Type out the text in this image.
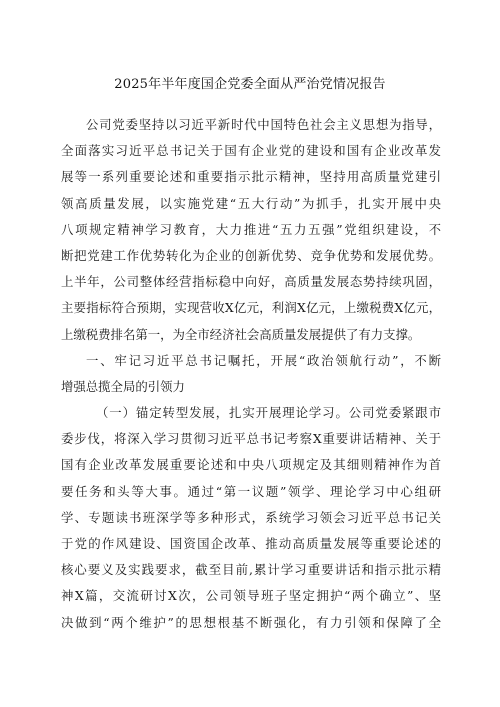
2025年半年度国企党委全面从严治党情况报告
公司党委坚持以习近平新时代中国特色社会主义思想为指导，
全面落实习近平总书记关于国有企业党的建设和国有企业改革发
展等一系列重要论述和重要指示批示精神，坚持用高质量党建引
领高质量发展，以实施党建“五大行动”为抓手，扎实开展中央
八项规定精神学习教育，大力推进“五力五强”党组织建设，不
断把党建工作优势转化为企业的创新优势、竞争优势和发展优势。
上半年，公司整体经营指标稳中向好，高质量发展态势持续巩固，
主要指标符合预期，实现营收X亿元，利润X亿元，上缴税费X亿元，
上缴税费排名第一，为全市经济社会高质量发展提供了有力支撑。
一、牢记习近平总书记嘱托，开展“政治领航行动”，不断
增强总揽全局的引领力
（一）锚定转型发展，扎实开展理论学习。公司党委紧跟市
委步伐，将深入学习贯彻习近平总书记考察X重要讲话精神、关于
国有企业改革发展重要论述和中央八项规定及其细则精神作为首
要任务和头等大事。通过“第一议题”领学、理论学习中心组研
学、专题读书班深学等多种形式，系统学习领会习近平总书记关
于党的作风建设、国资国企改革、推动高质量发展等重要论述的
核心要义及实践要求，截至目前,累计学习重要讲话和指示批示精
神X篇，交流研讨X次，公司领导班子坚定拥护“两个确立”、坚
决做到“两个维护”的思想根基不断强化，有力引领和保障了全
